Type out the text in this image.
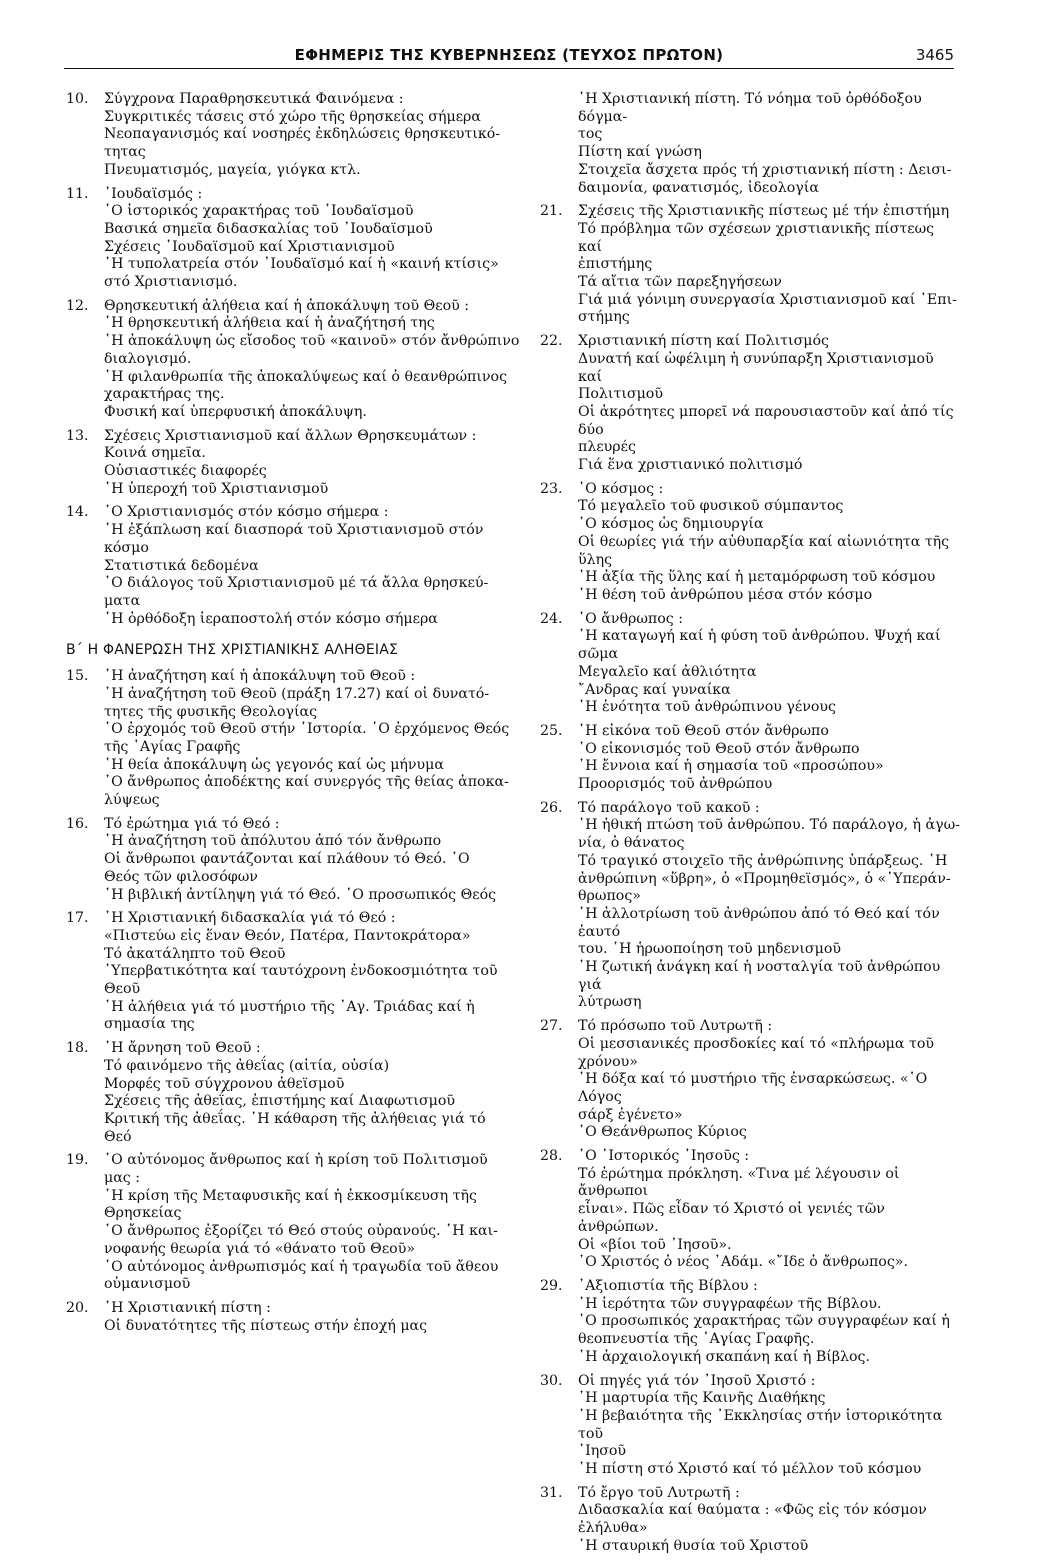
ΕΦΗΜΕΡΙΣ ΤΗΣ ΚΥΒΕΡΝΗΣΕΩΣ (ΤΕΥΧΟΣ ΠΡΩΤΟΝ)	3465
10.	Σύγχρονα Παραθρησκευτικά Φαινόμενα :
Συγκριτικές τάσεις στό χώρο τῆς θρησκείας σήμερα
Νεοπαγανισμός καί νοσηρές ἐκδηλώσεις θρησκευτικό-
τητας
Πνευματισμός, μαγεία, γιόγκα κτλ.
11.	᾿Ιουδαϊσμός :
῾Ο ἱστορικός χαρακτήρας τοῦ ᾿Ιουδαϊσμοῦ
Βασικά σημεῖα διδασκαλίας τοῦ ᾿Ιουδαϊσμοῦ
Σχέσεις ᾿Ιουδαϊσμοῦ καί Χριστιανισμοῦ
῾Η τυπολατρεία στόν ᾿Ιουδαϊσμό καί ἡ «καινή κτίσις»
στό Χριστιανισμό.
12.	Θρησκευτική ἀλήθεια καί ἡ ἀποκάλυψη τοῦ Θεοῦ :
῾Η θρησκευτική ἀλήθεια καί ἡ ἀναζήτησή της
῾Η ἀποκάλυψη ὡς εἴσοδος τοῦ «καινοῦ» στόν ἄνθρώπινο
διαλογισμό.
῾Η φιλανθρωπία τῆς ἀποκαλύψεως καί ὁ θεανθρώπινος
χαρακτήρας της.
Φυσική καί ὑπερφυσική ἀποκάλυψη.
13.	Σχέσεις Χριστιανισμοῦ καί ἄλλων Θρησκευμάτων :
Κοινά σημεῖα.
Οὐσιαστικές διαφορές
῾Η ὑπεροχή τοῦ Χριστιανισμοῦ
14.	῾Ο Χριστιανισμός στόν κόσμο σήμερα :
῾Η ἐξάπλωση καί διασπορά τοῦ Χριστιανισμοῦ στόν
κόσμο
Στατιστικά δεδομένα
῾Ο διάλογος τοῦ Χριστιανισμοῦ μέ τά ἄλλα θρησκεύ-
ματα
῾Η ὀρθόδοξη ἱεραποστολή στόν κόσμο σήμερα
Β΄ Η ΦΑΝΕΡΩΣΗ ΤΗΣ ΧΡΙΣΤΙΑΝΙΚΗΣ ΑΛΗΘΕΙΑΣ
15.	῾Η ἀναζήτηση καί ἡ ἀποκάλυψη τοῦ Θεοῦ :
῾Η ἀναζήτηση τοῦ Θεοῦ (πράξη 17.27) καί οἱ δυνατό-
τητες τῆς φυσικῆς Θεολογίας
῾Ο ἐρχομός τοῦ Θεοῦ στήν ῾Ιστορία. ῾Ο ἐρχόμενος Θεός
τῆς ῾Αγίας Γραφῆς
῾Η θεία ἀποκάλυψη ὡς γεγονός καί ὡς μήνυμα
῾Ο ἄνθρωπος ἀποδέκτης καί συνεργός τῆς θείας ἀποκα-
λύψεως
16.	Τό ἐρώτημα γιά τό Θεό :
῾Η ἀναζήτηση τοῦ ἀπόλυτου ἀπό τόν ἄνθρωπο
Οἱ ἄνθρωποι φαντάζονται καί πλάθουν τό Θεό. ῾Ο
Θεός τῶν φιλοσόφων
῾Η βιβλική ἀντίληψη γιά τό Θεό. ῾Ο προσωπικός Θεός
17.	῾Η Χριστιανική διδασκαλία γιά τό Θεό :
«Πιστεύω εἰς ἕναν Θεόν, Πατέρα, Παντοκράτορα»
Τό ἀκατάληπτο τοῦ Θεοῦ
῾Υπερβατικότητα καί ταυτόχρονη ἐνδοκοσμιότητα τοῦ
Θεοῦ
῾Η ἀλήθεια γιά τό μυστήριο τῆς ῾Αγ. Τριάδας καί ἡ
σημασία της
18.	῾Η ἄρνηση τοῦ Θεοῦ :
Τό φαινόμενο τῆς ἀθεΐας (αἰτία, οὐσία)
Μορφές τοῦ σύγχρονου ἀθεϊσμοῦ
Σχέσεις τῆς ἀθεΐας, ἐπιστήμης καί Διαφωτισμοῦ
Κριτική τῆς ἀθεΐας. ῾Η κάθαρση τῆς ἀλήθειας γιά τό
Θεό
19.	῾Ο αὐτόνομος ἄνθρωπος καί ἡ κρίση τοῦ Πολιτισμοῦ
μας :
῾Η κρίση τῆς Μεταφυσικῆς καί ἡ ἐκκοσμίκευση τῆς
Θρησκείας
῾Ο ἄνθρωπος ἐξορίζει τό Θεό στούς οὐρανούς. ῾Η και-
νοφανής θεωρία γιά τό «θάνατο τοῦ Θεοῦ»
῾Ο αὐτόνομος ἀνθρωπισμός καί ἡ τραγωδία τοῦ ἄθεου
οὐμανισμοῦ
20.	῾Η Χριστιανική πίστη :
Οἱ δυνατότητες τῆς πίστεως στήν ἐποχή μας
῾Η Χριστιανική πίστη. Τό νόημα τοῦ ὀρθόδοξου δόγμα-
τος
Πίστη καί γνώση
Στοιχεῖα ἄσχετα πρός τή χριστιανική πίστη : Δεισι-
δαιμονία, φανατισμός, ἰδεολογία
21.	Σχέσεις τῆς Χριστιανικῆς πίστεως μέ τήν ἐπιστήμη
Τό πρόβλημα τῶν σχέσεων χριστιανικῆς πίστεως καί
ἐπιστήμης
Τά αἴτια τῶν παρεξηγήσεων
Γιά μιά γόνιμη συνεργασία Χριστιανισμοῦ καί ᾿Επι-
στήμης
22.	Χριστιανική πίστη καί Πολιτισμός
Δυνατή καί ὠφέλιμη ἡ συνύπαρξη Χριστιανισμοῦ καί
Πολιτισμοῦ
Οἱ ἀκρότητες μπορεῖ νά παρουσιαστοῦν καί ἀπό τίς δύο
πλευρές
Γιά ἕνα χριστιανικό πολιτισμό
23.	῾Ο κόσμος :
Τό μεγαλεῖο τοῦ φυσικοῦ σύμπαντος
῾Ο κόσμος ὡς δημιουργία
Οἱ θεωρίες γιά τήν αὐθυπαρξία καί αἰωνιότητα τῆς ὕλης
῾Η ἀξία τῆς ὕλης καί ἡ μεταμόρφωση τοῦ κόσμου
῾Η θέση τοῦ ἀνθρώπου μέσα στόν κόσμο
24.	῾Ο ἄνθρωπος :
῾Η καταγωγή καί ἡ φύση τοῦ ἀνθρώπου. Ψυχή καί
σῶμα
Μεγαλεῖο καί ἀθλιότητα
῎Ανδρας καί γυναίκα
῾Η ἑνότητα τοῦ ἀνθρώπινου γένους
25.	῾Η εἰκόνα τοῦ Θεοῦ στόν ἄνθρωπο
῾Ο εἰκονισμός τοῦ Θεοῦ στόν ἄνθρωπο
῾Η ἔννοια καί ἡ σημασία τοῦ «προσώπου»
Προορισμός τοῦ ἀνθρώπου
26.	Τό παράλογο τοῦ κακοῦ :
῾Η ἠθική πτώση τοῦ ἀνθρώπου. Τό παράλογο, ἡ ἀγω-
νία, ὁ θάνατος
Τό τραγικό στοιχεῖο τῆς ἀνθρώπινης ὑπάρξεως. ῾Η
ἀνθρώπινη «ὕβρη», ὁ «Προμηθεϊσμός», ὁ «῾Υπεράν-
θρωπος»
῾Η ἀλλοτρίωση τοῦ ἀνθρώπου ἀπό τό Θεό καί τόν ἑαυτό
του. ῾Η ἡρωοποίηση τοῦ μηδενισμοῦ
῾Η ζωτική ἀνάγκη καί ἡ νοσταλγία τοῦ ἀνθρώπου γιά
λύτρωση
27.	Τό πρόσωπο τοῦ Λυτρωτῆ :
Οἱ μεσσιανικές προσδοκίες καί τό «πλήρωμα τοῦ
χρόνου»
῾Η δόξα καί τό μυστήριο τῆς ἐνσαρκώσεως. «῾Ο Λόγος
σάρξ ἐγένετο»
῾Ο Θεάνθρωπος Κύριος
28.	῾Ο ῾Ιστορικός ᾿Ιησοῦς :
Τό ἐρώτημα πρόκληση. «Τινα μέ λέγουσιν οἱ ἄνθρωποι
εἶναι». Πῶς εἶδαν τό Χριστό οἱ γενιές τῶν ἀνθρώπων.
Οἱ «βίοι τοῦ ᾿Ιησοῦ».
῾Ο Χριστός ὁ νέος ᾿Αδάμ. «῎Ιδε ὁ ἄνθρωπος».
29.	᾿Αξιοπιστία τῆς Βίβλου :
῾Η ἱερότητα τῶν συγγραφέων τῆς Βίβλου.
῾Ο προσωπικός χαρακτήρας τῶν συγγραφέων καί ἡ
θεοπνευστία τῆς ῾Αγίας Γραφῆς.
῾Η ἀρχαιολογική σκαπάνη καί ἡ Βίβλος.
30.	Οἱ πηγές γιά τόν ᾿Ιησοῦ Χριστό :
῾Η μαρτυρία τῆς Καινῆς Διαθήκης
῾Η βεβαιότητα τῆς ᾿Εκκλησίας στήν ἱστορικότητα τοῦ
᾿Ιησοῦ
῾Η πίστη στό Χριστό καί τό μέλλον τοῦ κόσμου
31.	Τό ἔργο τοῦ Λυτρωτῆ :
Διδασκαλία καί θαύματα : «Φῶς εἰς τόν κόσμον
ἐλήλυθα»
῾Η σταυρική θυσία τοῦ Χριστοῦ
